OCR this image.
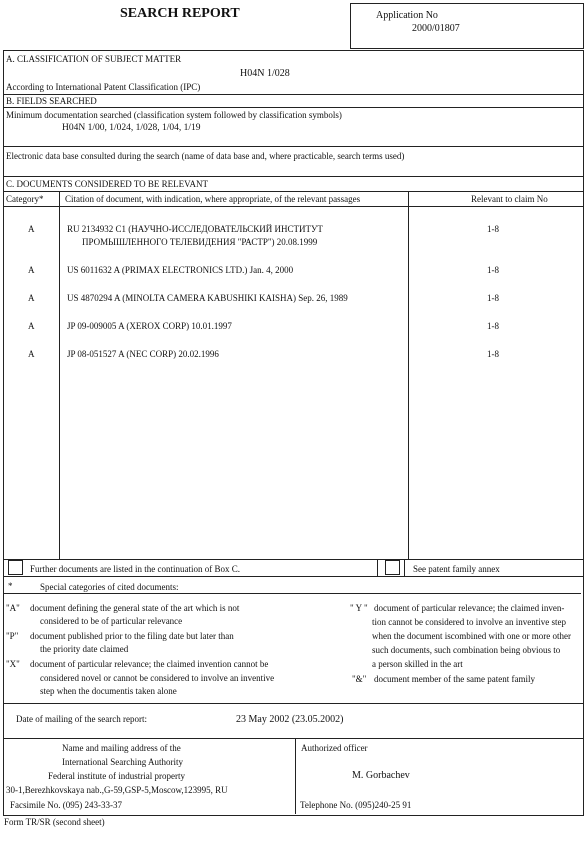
SEARCH REPORT	Application No
2000/01807
A. CLASSIFICATION OF SUBJECT MATTER
H04N 1/028
According to International Patent Classification (IPC)
B. FIELDS SEARCHED
Minimum documentation searched (classification system followed by classification symbols)
H04N 1/00, 1/024, 1/028, 1/04, 1/19
Electronic data base consulted during the search (name of data base and, where practicable, search terms used)
C. DOCUMENTS CONSIDERED TO BE RELEVANT
Category* Citation of document, with indication, where appropriate, of the relevant passages	Relevant to claim No
A	RU 2134932 C1 (НАУЧНО-ИССЛЕДОВАТЕЛЬСКИЙ ИНСТИТУТ
ПРОМЫШЛЕННОГО ТЕЛЕВИДЕНИЯ "РАСТР") 20.08.1999
1-8
A	US 6011632 A (PRIMAX ELECTRONICS LTD.) Jan. 4, 2000	1-8
A	US 4870294 A (MINOLTA CAMERA KABUSHIKI KAISHA) Sep. 26, 1989	1-8
A	JP 09-009005 A (XEROX CORP) 10.01.1997	1-8
A	JP 08-051527 A (NEC CORP) 20.02.1996	1-8
Further documents are listed in the continuation of Box C.	See patent family annex
*	Special categories of cited documents:
"A" document defining the general state of the art which is not
considered to be of particular relevance
"P" document published prior to the filing date but later than
the priority date claimed
"X" document of particular relevance; the claimed invention cannot be
considered novel or cannot be considered to involve an inventive
step when the documentis taken alone
" Y " document of particular relevance; the claimed inven-
tion cannot be considered to involve an inventive step
when the document iscombined with one or more other
such documents, such combination being obvious to
a person skilled in the art
"&" document member of the same patent family
Date of mailing of the search report:	23 May 2002 (23.05.2002)
Name and mailing address of the
International Searching Authority
Federal institute of industrial property
30-1,Berezhkovskaya nab.,G-59,GSP-5,Moscow,123995, RU
Facsimile No. (095) 243-33-37
Authorized officer
M. Gorbachev
Telephone No. (095)240-25 91
Form TR/SR (second sheet)
